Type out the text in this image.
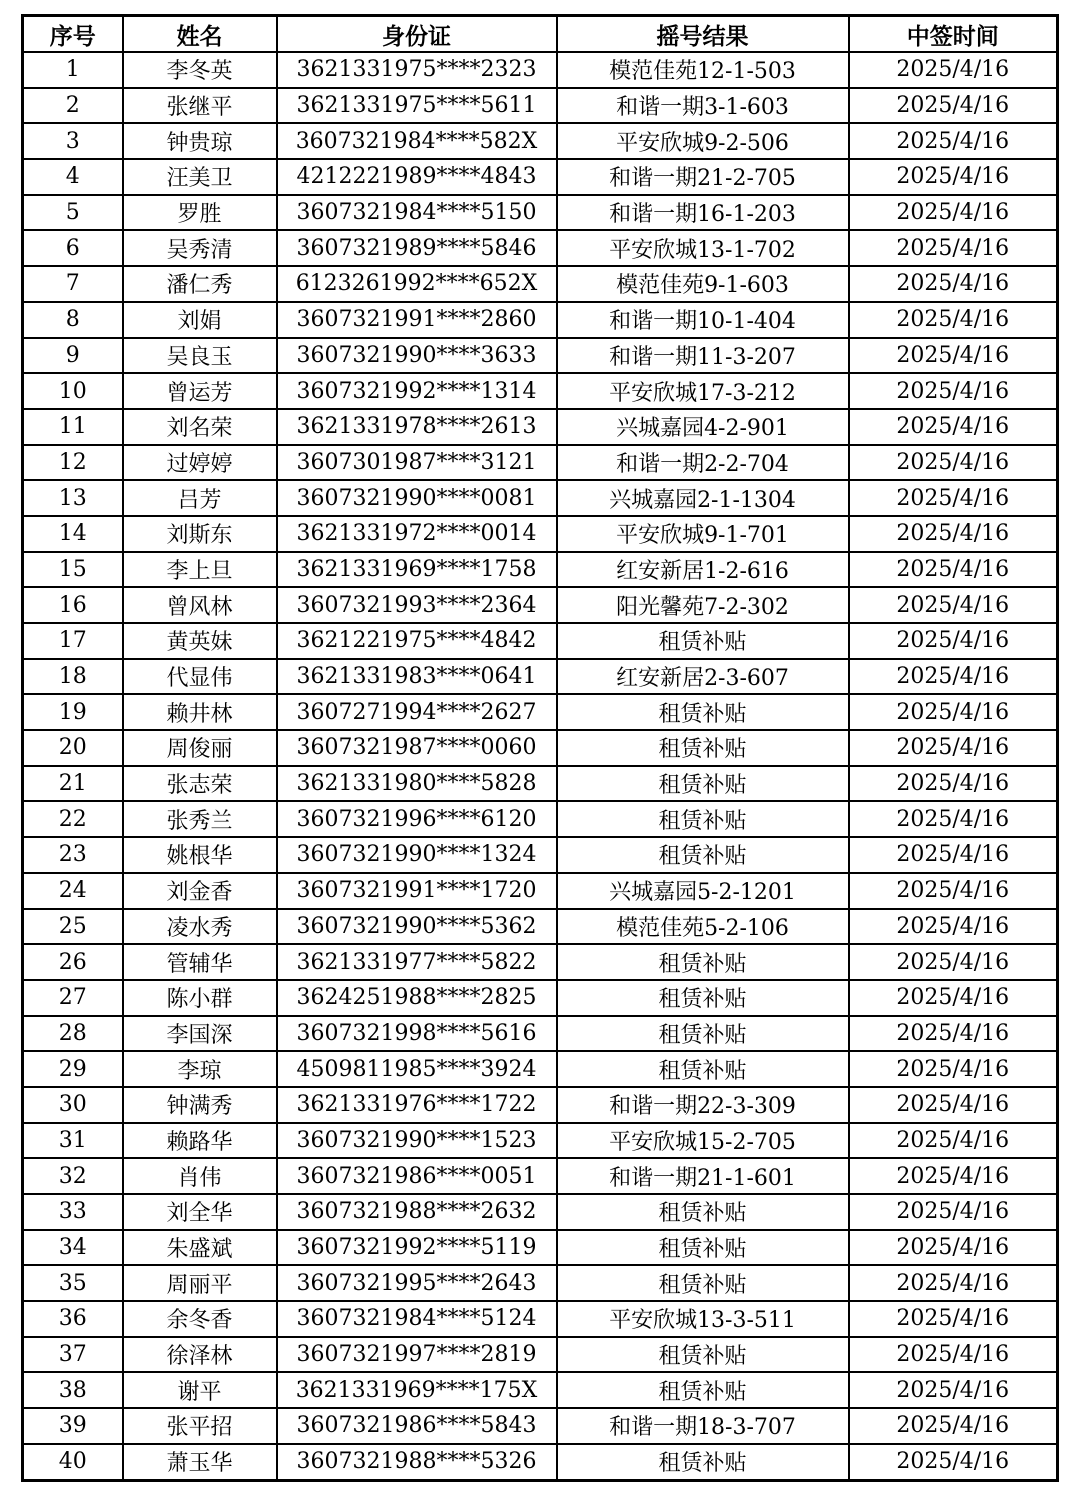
序号	姓名	身份证	摇号结果	中签时间
1	李冬英	3621331975****2323	模范佳苑12-1-503	2025/4/16
2	张继平	3621331975****5611	和谐一期3-1-603	2025/4/16
3	钟贵琼	3607321984****582X	平安欣城9-2-506	2025/4/16
4	汪美卫	4212221989****4843	和谐一期21-2-705	2025/4/16
5	罗胜	3607321984****5150	和谐一期16-1-203	2025/4/16
6	吴秀清	3607321989****5846	平安欣城13-1-702	2025/4/16
7	潘仁秀	6123261992****652X	模范佳苑9-1-603	2025/4/16
8	刘娟	3607321991****2860	和谐一期10-1-404	2025/4/16
9	吴良玉	3607321990****3633	和谐一期11-3-207	2025/4/16
10	曾运芳	3607321992****1314	平安欣城17-3-212	2025/4/16
11	刘名荣	3621331978****2613	兴城嘉园4-2-901	2025/4/16
12	过婷婷	3607301987****3121	和谐一期2-2-704	2025/4/16
13	吕芳	3607321990****0081	兴城嘉园2-1-1304	2025/4/16
14	刘斯东	3621331972****0014	平安欣城9-1-701	2025/4/16
15	李上旦	3621331969****1758	红安新居1-2-616	2025/4/16
16	曾风林	3607321993****2364	阳光馨苑7-2-302	2025/4/16
17	黄英妹	3621221975****4842	租赁补贴	2025/4/16
18	代显伟	3621331983****0641	红安新居2-3-607	2025/4/16
19	赖井林	3607271994****2627	租赁补贴	2025/4/16
20	周俊丽	3607321987****0060	租赁补贴	2025/4/16
21	张志荣	3621331980****5828	租赁补贴	2025/4/16
22	张秀兰	3607321996****6120	租赁补贴	2025/4/16
23	姚根华	3607321990****1324	租赁补贴	2025/4/16
24	刘金香	3607321991****1720	兴城嘉园5-2-1201	2025/4/16
25	凌水秀	3607321990****5362	模范佳苑5-2-106	2025/4/16
26	管辅华	3621331977****5822	租赁补贴	2025/4/16
27	陈小群	3624251988****2825	租赁补贴	2025/4/16
28	李国深	3607321998****5616	租赁补贴	2025/4/16
29	李琼	4509811985****3924	租赁补贴	2025/4/16
30	钟满秀	3621331976****1722	和谐一期22-3-309	2025/4/16
31	赖路华	3607321990****1523	平安欣城15-2-705	2025/4/16
32	肖伟	3607321986****0051	和谐一期21-1-601	2025/4/16
33	刘全华	3607321988****2632	租赁补贴	2025/4/16
34	朱盛斌	3607321992****5119	租赁补贴	2025/4/16
35	周丽平	3607321995****2643	租赁补贴	2025/4/16
36	余冬香	3607321984****5124	平安欣城13-3-511	2025/4/16
37	徐泽林	3607321997****2819	租赁补贴	2025/4/16
38	谢平	3621331969****175X	租赁补贴	2025/4/16
39	张平招	3607321986****5843	和谐一期18-3-707	2025/4/16
40	萧玉华	3607321988****5326	租赁补贴	2025/4/16
